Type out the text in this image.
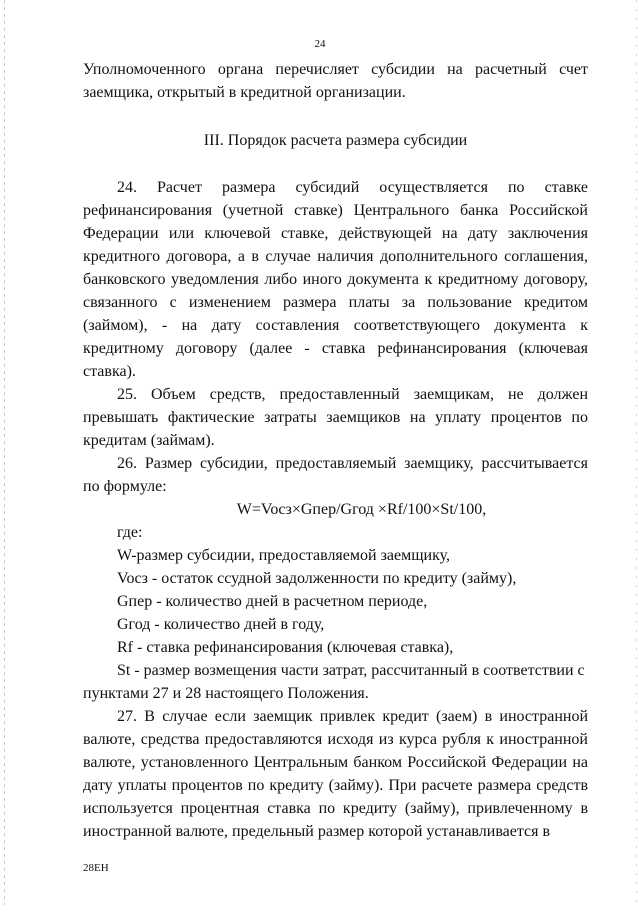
24

Уполномоченного органа перечисляет субсидии на расчетный счет заемщика, открытый в кредитной организации.

III. Порядок расчета размера субсидии

24. Расчет размера субсидий осуществляется по ставке рефинансирования (учетной ставке) Центрального банка Российской Федерации или ключевой ставке, действующей на дату заключения кредитного договора, а в случае наличия дополнительного соглашения, банковского уведомления либо иного документа к кредитному договору, связанного с изменением размера платы за пользование кредитом (займом), - на дату составления соответствующего документа к кредитному договору (далее - ставка рефинансирования (ключевая ставка).

25. Объем средств, предоставленный заемщикам, не должен превышать фактические затраты заемщиков на уплату процентов по кредитам (займам).

26. Размер субсидии, предоставляемый заемщику, рассчитывается по формуле:

W=Vocз×Gпер/Gгод ×Rf/100×St/100,

где:

W-размер субсидии, предоставляемой заемщику,

Vocз - остаток ссудной задолженности по кредиту (займу),

Gпер - количество дней в расчетном периоде,

Gгод - количество дней в году,

Rf - ставка рефинансирования (ключевая ставка),

St - размер возмещения части затрат, рассчитанный в соответствии с пунктами 27 и 28 настоящего Положения.

27. В случае если заемщик привлек кредит (заем) в иностранной валюте, средства предоставляются исходя из курса рубля к иностранной валюте, установленного Центральным банком Российской Федерации на дату уплаты процентов по кредиту (займу). При расчете размера средств используется процентная ставка по кредиту (займу), привлеченному в иностранной валюте, предельный размер которой устанавливается в

28ЕН
